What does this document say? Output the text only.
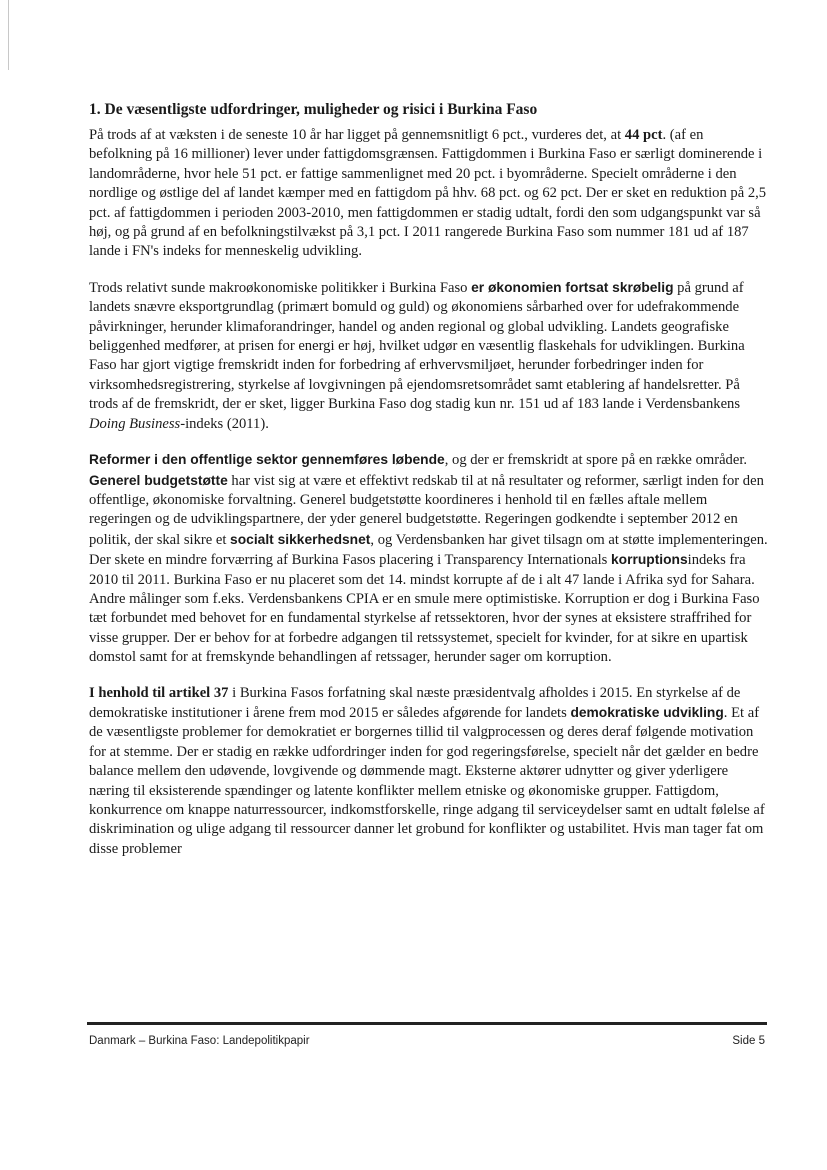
1. De væsentligste udfordringer, muligheder og risici i Burkina Faso

På trods af at væksten i de seneste 10 år har ligget på gennemsnitligt 6 pct., vurderes det, at 44 pct. (af en befolkning på 16 millioner) lever under fattigdomsgrænsen. Fattigdommen i Burkina Faso er særligt dominerende i landområderne, hvor hele 51 pct. er fattige sammenlignet med 20 pct. i byområderne. Specielt områderne i den nordlige og østlige del af landet kæmper med en fattigdom på hhv. 68 pct. og 62 pct. Der er sket en reduktion på 2,5 pct. af fattigdommen i perioden 2003-2010, men fattigdommen er stadig udtalt, fordi den som udgangspunkt var så høj, og på grund af en befolkningstilvækst på 3,1 pct. I 2011 rangerede Burkina Faso som nummer 181 ud af 187 lande i FN's indeks for menneskelig udvikling.

Trods relativt sunde makroøkonomiske politikker i Burkina Faso er økonomien fortsat skrøbelig på grund af landets snævre eksportgrundlag (primært bomuld og guld) og økonomiens sårbarhed over for udefrakommende påvirkninger, herunder klimaforandringer, handel og anden regional og global udvikling. Landets geografiske beliggenhed medfører, at prisen for energi er høj, hvilket udgør en væsentlig flaskehals for udviklingen. Burkina Faso har gjort vigtige fremskridt inden for forbedring af erhvervsmiljøet, herunder forbedringer inden for virksomhedsregistrering, styrkelse af lovgivningen på ejendomsretsområdet samt etablering af handelsretter. På trods af de fremskridt, der er sket, ligger Burkina Faso dog stadig kun nr. 151 ud af 183 lande i Verdensbankens Doing Business-indeks (2011).

Reformer i den offentlige sektor gennemføres løbende, og der er fremskridt at spore på en række områder. Generel budgetstøtte har vist sig at være et effektivt redskab til at nå resultater og reformer, særligt inden for den offentlige, økonomiske forvaltning. Generel budgetstøtte koordineres i henhold til en fælles aftale mellem regeringen og de udviklingspartnere, der yder generel budgetstøtte. Regeringen godkendte i september 2012 en politik, der skal sikre et socialt sikkerhedsnet, og Verdensbanken har givet tilsagn om at støtte implementeringen. Der skete en mindre forværring af Burkina Fasos placering i Transparency Internationals korruptionsindeks fra 2010 til 2011. Burkina Faso er nu placeret som det 14. mindst korrupte af de i alt 47 lande i Afrika syd for Sahara. Andre målinger som f.eks. Verdensbankens CPIA er en smule mere optimistiske. Korruption er dog i Burkina Faso tæt forbundet med behovet for en fundamental styrkelse af retssektoren, hvor der synes at eksistere straffrihed for visse grupper. Der er behov for at forbedre adgangen til retssystemet, specielt for kvinder, for at sikre en upartisk domstol samt for at fremskynde behandlingen af retssager, herunder sager om korruption.

I henhold til artikel 37 i Burkina Fasos forfatning skal næste præsidentvalg afholdes i 2015. En styrkelse af de demokratiske institutioner i årene frem mod 2015 er således afgørende for landets demokratiske udvikling. Et af de væsentligste problemer for demokratiet er borgernes tillid til valgprocessen og deres deraf følgende motivation for at stemme. Der er stadig en række udfordringer inden for god regeringsførelse, specielt når det gælder en bedre balance mellem den udøvende, lovgivende og dømmende magt. Eksterne aktører udnytter og giver yderligere næring til eksisterende spændinger og latente konflikter mellem etniske og økonomiske grupper. Fattigdom, konkurrence om knappe naturressourcer, indkomstforskelle, ringe adgang til serviceydelser samt en udtalt følelse af diskrimination og ulige adgang til ressourcer danner let grobund for konflikter og ustabilitet. Hvis man tager fat om disse problemer

Danmark – Burkina Faso: Landepolitikpapir	Side 5
